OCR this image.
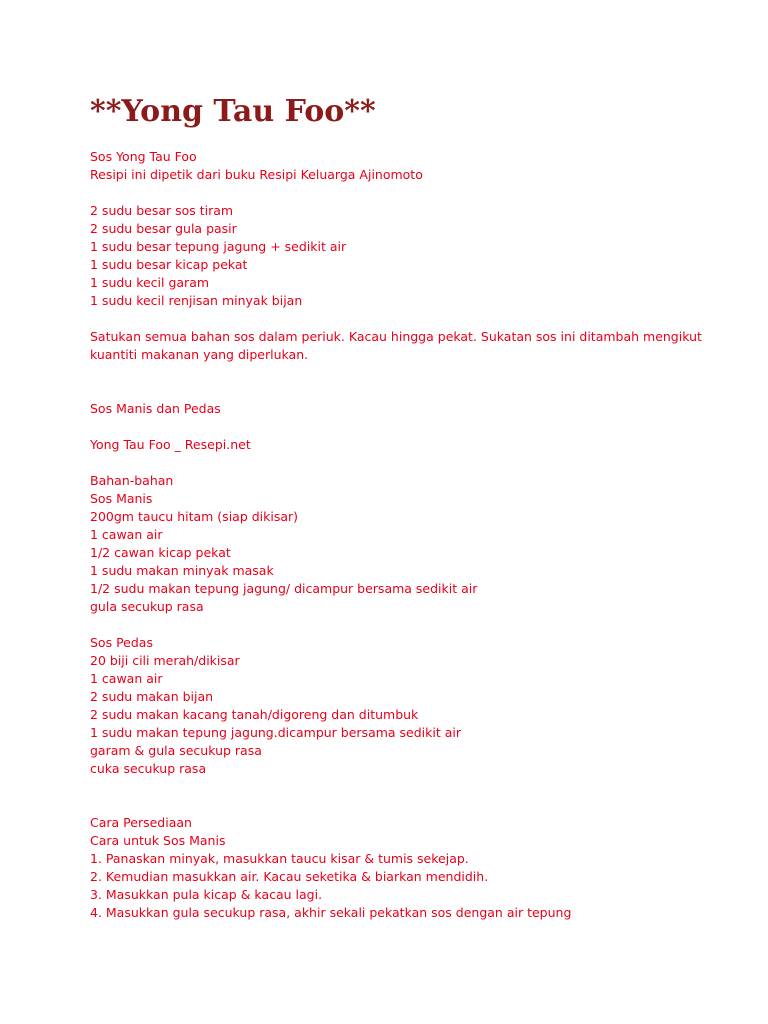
**Yong Tau Foo**
Sos Yong Tau Foo
Resipi ini dipetik dari buku Resipi Keluarga Ajinomoto
2 sudu besar sos tiram
2 sudu besar gula pasir
1 sudu besar tepung jagung + sedikit air
1 sudu besar kicap pekat
1 sudu kecil garam
1 sudu kecil renjisan minyak bijan
Satukan semua bahan sos dalam periuk. Kacau hingga pekat. Sukatan sos ini ditambah mengikut
kuantiti makanan yang diperlukan.
Sos Manis dan Pedas
Yong Tau Foo _ Resepi.net
Bahan-bahan
Sos Manis
200gm taucu hitam (siap dikisar)
1 cawan air
1/2 cawan kicap pekat
1 sudu makan minyak masak
1/2 sudu makan tepung jagung/ dicampur bersama sedikit air
gula secukup rasa
Sos Pedas
20 biji cili merah/dikisar
1 cawan air
2 sudu makan bijan
2 sudu makan kacang tanah/digoreng dan ditumbuk
1 sudu makan tepung jagung.dicampur bersama sedikit air
garam & gula secukup rasa
cuka secukup rasa
Cara Persediaan
Cara untuk Sos Manis
1. Panaskan minyak, masukkan taucu kisar & tumis sekejap.
2. Kemudian masukkan air. Kacau seketika & biarkan mendidih.
3. Masukkan pula kicap & kacau lagi.
4. Masukkan gula secukup rasa, akhir sekali pekatkan sos dengan air tepung
